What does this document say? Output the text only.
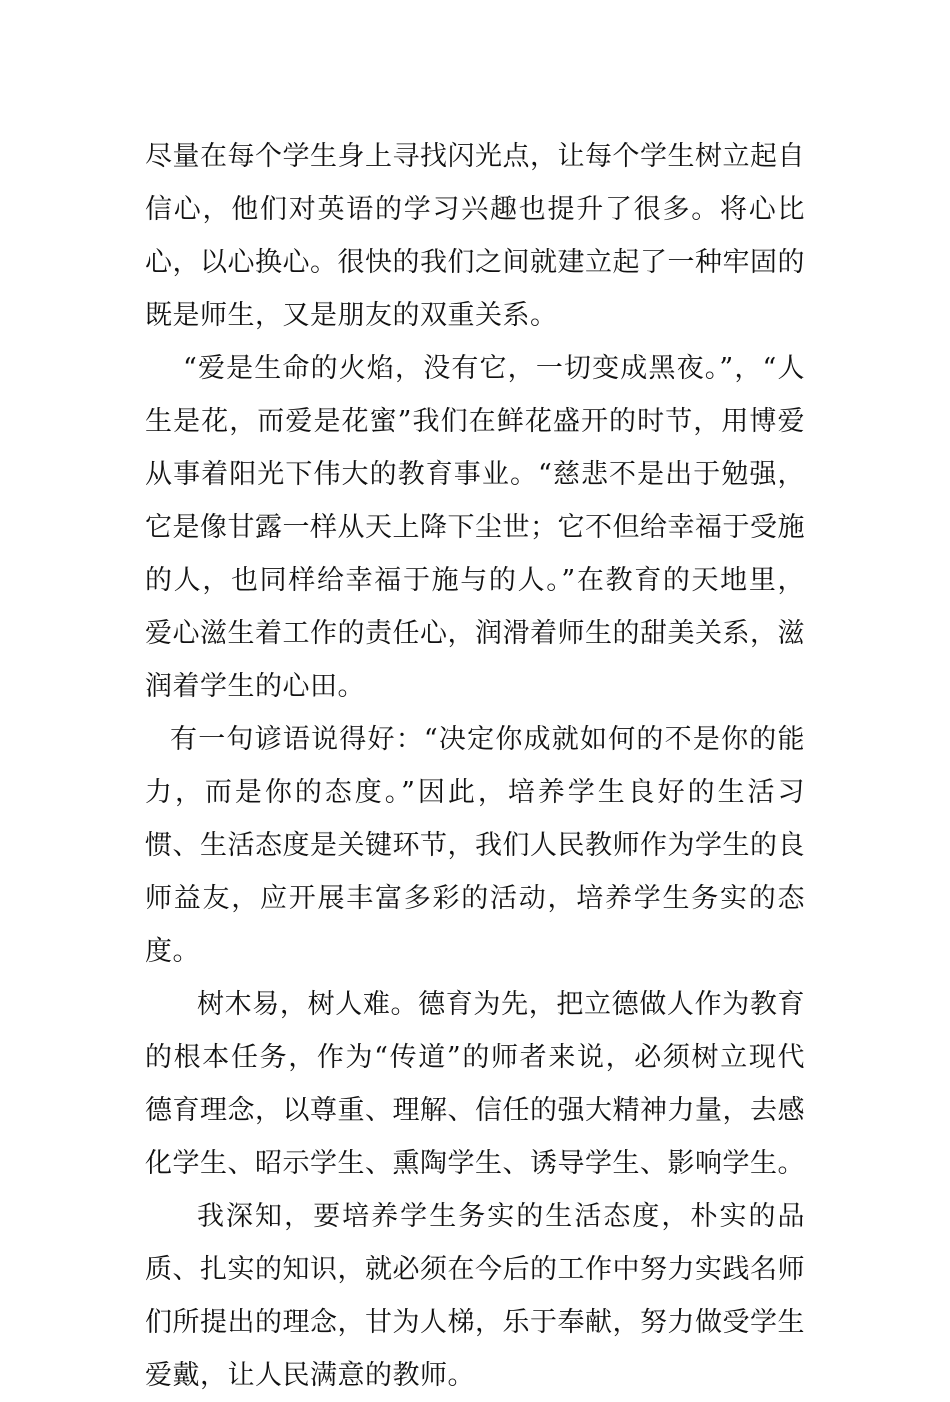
尽量在每个学生身上寻找闪光点，让每个学生树立起自信心，他们对英语的学习兴趣也提升了很多。将心比心，以心换心。很快的我们之间就建立起了一种牢固的既是师生，又是朋友的双重关系。

“爱是生命的火焰，没有它，一切变成黑夜。”，“人生是花，而爱是花蜜”我们在鲜花盛开的时节，用博爱从事着阳光下伟大的教育事业。“慈悲不是出于勉强，它是像甘露一样从天上降下尘世；它不但给幸福于受施的人，也同样给幸福于施与的人。”在教育的天地里，爱心滋生着工作的责任心，润滑着师生的甜美关系，滋润着学生的心田。

有一句谚语说得好：“决定你成就如何的不是你的能力，而是你的态度。”因此，培养学生良好的生活习惯、生活态度是关键环节，我们人民教师作为学生的良师益友，应开展丰富多彩的活动，培养学生务实的态度。

树木易，树人难。德育为先，把立德做人作为教育的根本任务，作为“传道”的师者来说，必须树立现代德育理念，以尊重、理解、信任的强大精神力量，去感化学生、昭示学生、熏陶学生、诱导学生、影响学生。

我深知，要培养学生务实的生活态度，朴实的品质、扎实的知识，就必须在今后的工作中努力实践名师们所提出的理念，甘为人梯，乐于奉献，努力做受学生爱戴，让人民满意的教师。
